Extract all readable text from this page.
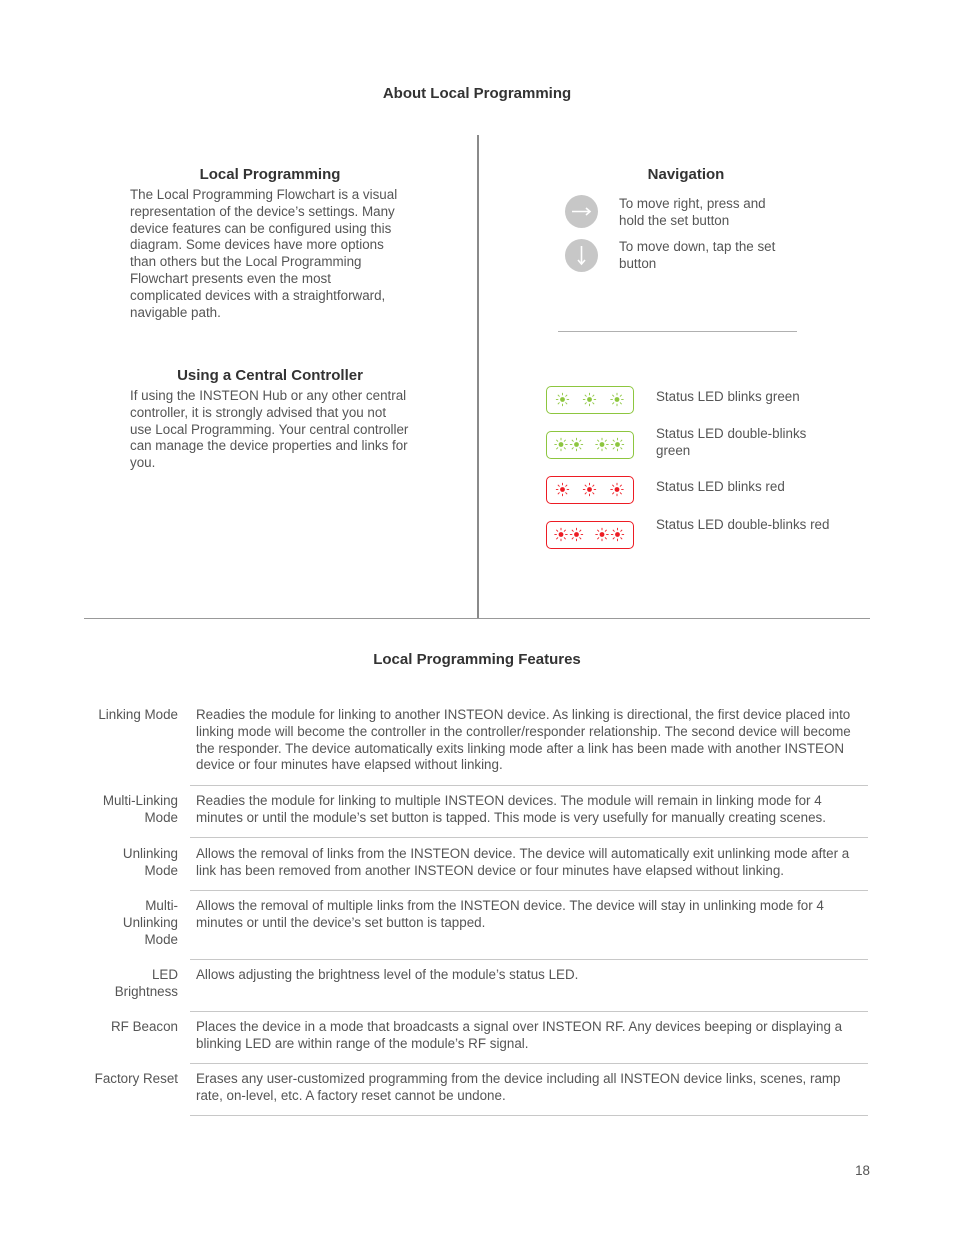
About Local Programming
Local Programming
The Local Programming Flowchart is a visual representation of the device’s settings. Many device features can be configured using this diagram. Some devices have more options than others but the Local Programming Flowchart presents even the most complicated devices with a straightforward, navigable path.
Using a Central Controller
If using the INSTEON Hub or any other central controller, it is strongly advised that you not use Local Programming. Your central controller can manage the device properties and links for you.
Navigation
To move right, press and hold the set button
To move down, tap the set button
Status LED blinks green
Status LED double-blinks green
Status LED blinks red
Status LED double-blinks red
Local Programming Features
Linking Mode Readies the module for linking to another INSTEON device. As linking is directional, the first device placed into linking mode will become the controller in the controller/responder relationship. The second device will become the responder. The device automatically exits linking mode after a link has been made with another INSTEON device or four minutes have elapsed without linking.
Multi-Linking Mode
Readies the module for linking to multiple INSTEON devices. The module will remain in linking mode for 4 minutes or until the module’s set button is tapped. This mode is very usefully for manually creating scenes.
Unlinking Mode
Allows the removal of links from the INSTEON device. The device will automatically exit unlinking mode after a link has been removed from another INSTEON device or four minutes have elapsed without linking.
Multi-Unlinking Mode
Allows the removal of multiple links from the INSTEON device. The device will stay in unlinking mode for 4 minutes or until the device’s set button is tapped.
LED Brightness
Allows adjusting the brightness level of the module’s status LED.
RF Beacon Places the device in a mode that broadcasts a signal over INSTEON RF. Any devices beeping or displaying a blinking LED are within range of the module’s RF signal.
Factory Reset Erases any user-customized programming from the device including all INSTEON device links, scenes, ramp rate, on-level, etc. A factory reset cannot be undone.
18
